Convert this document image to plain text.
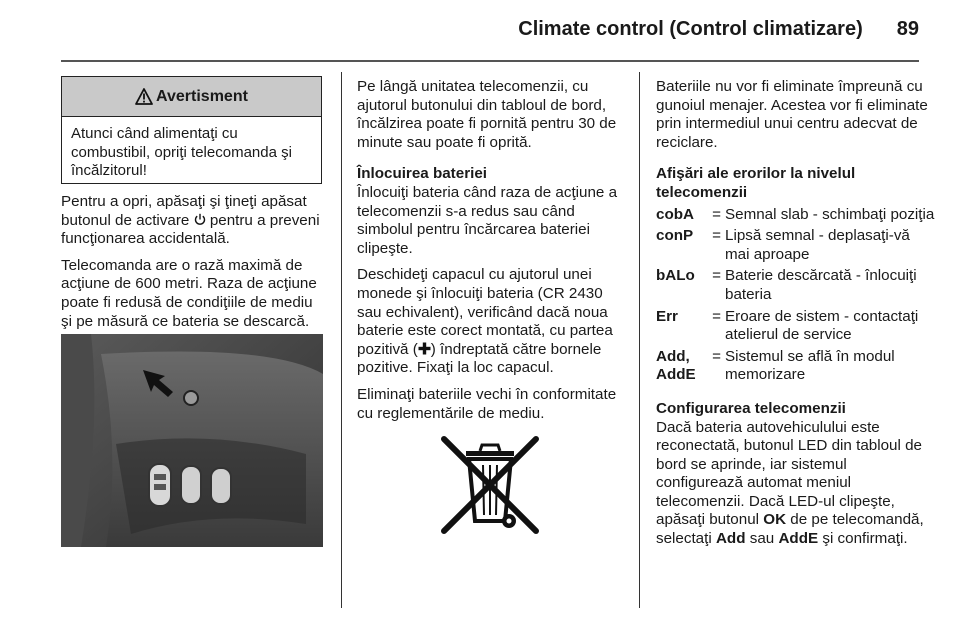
Climate control (Control climatizare) 89
Avertisment
Atunci când alimentaţi cu combustibil, opriţi telecomanda şi încălzitorul!

Pentru a opri, apăsaţi şi ţineţi apăsat butonul de activare pentru a preveni funcţionarea accidentală.

Telecomanda are o rază maximă de acţiune de 600 metri. Raza de acţiune poate fi redusă de condiţiile de mediu şi pe măsură ce bateria se descarcă.

Pe lângă unitatea telecomenzii, cu ajutorul butonului din tabloul de bord, încălzirea poate fi pornită pentru 30 de minute sau poate fi oprită.

Înlocuirea bateriei

Înlocuiţi bateria când raza de acţiune a telecomenzii s-a redus sau când simbolul pentru încărcarea bateriei clipeşte.

Deschideţi capacul cu ajutorul unei monede şi înlocuiţi bateria (CR 2430 sau echivalent), verificând dacă noua baterie este corect montată, cu partea pozitivă ( ) îndreptată către bornele pozitive. Fixaţi la loc capacul.

Eliminaţi bateriile vechi în conformitate cu reglementările de mediu.

Bateriile nu vor fi eliminate împreună cu gunoiul menajer. Acestea vor fi eliminate prin intermediul unui centru adecvat de reciclare.

Afişări ale erorilor la nivelul telecomenzii
cobA	=	Semnal slab - schimbaţi poziţia
conP	=	Lipsă semnal - deplasaţi-vă mai aproape
bALo	=	Baterie descărcată - înlocuiţi bateria
Err	=	Eroare de sistem - contactaţi atelierul de service
Add, AddE	=	Sistemul se află în modul memorizare
Configurarea telecomenzii

Dacă bateria autovehiculului este reconectată, butonul LED din tabloul de bord se aprinde, iar sistemul configurează automat meniul telecomenzii. Dacă LED-ul clipeşte, apăsaţi butonul OK de pe telecomandă, selectaţi Add sau AddE şi confirmaţi.
